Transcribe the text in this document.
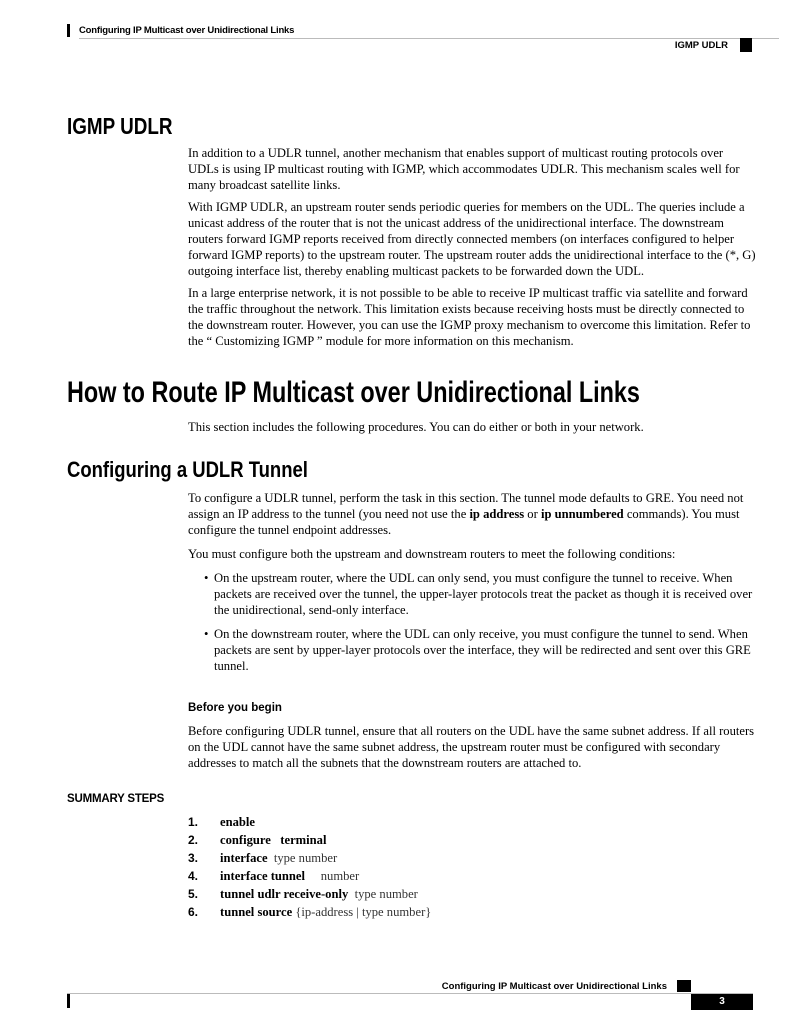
Configuring IP Multicast over Unidirectional Links
IGMP UDLR
IGMP UDLR

In addition to a UDLR tunnel, another mechanism that enables support of multicast routing protocols over UDLs is using IP multicast routing with IGMP, which accommodates UDLR. This mechanism scales well for many broadcast satellite links.

With IGMP UDLR, an upstream router sends periodic queries for members on the UDL. The queries include a unicast address of the router that is not the unicast address of the unidirectional interface. The downstream routers forward IGMP reports received from directly connected members (on interfaces configured to helper forward IGMP reports) to the upstream router. The upstream router adds the unidirectional interface to the (*, G) outgoing interface list, thereby enabling multicast packets to be forwarded down the UDL.

In a large enterprise network, it is not possible to be able to receive IP multicast traffic via satellite and forward the traffic throughout the network. This limitation exists because receiving hosts must be directly connected to the downstream router. However, you can use the IGMP proxy mechanism to overcome this limitation. Refer to the “ Customizing IGMP ” module for more information on this mechanism.

How to Route IP Multicast over Unidirectional Links

This section includes the following procedures. You can do either or both in your network.

Configuring a UDLR Tunnel

To configure a UDLR tunnel, perform the task in this section. The tunnel mode defaults to GRE. You need not assign an IP address to the tunnel (you need not use the ip address or ip unnumbered commands). You must configure the tunnel endpoint addresses.

You must configure both the upstream and downstream routers to meet the following conditions:

• On the upstream router, where the UDL can only send, you must configure the tunnel to receive. When packets are received over the tunnel, the upper-layer protocols treat the packet as though it is received over the unidirectional, send-only interface.
• On the downstream router, where the UDL can only receive, you must configure the tunnel to send. When packets are sent by upper-layer protocols over the interface, they will be redirected and sent over this GRE tunnel.
Before you begin

Before configuring UDLR tunnel, ensure that all routers on the UDL have the same subnet address. If all routers on the UDL cannot have the same subnet address, the upstream router must be configured with secondary addresses to match all the subnets that the downstream routers are attached to.

SUMMARY STEPS
1.	enable
2.	configure   terminal
3.	interface  type number
4.	interface tunnel     number
5.	tunnel udlr receive-only  type number
6.	tunnel source {ip-address | type number}
Configuring IP Multicast over Unidirectional Links
3
